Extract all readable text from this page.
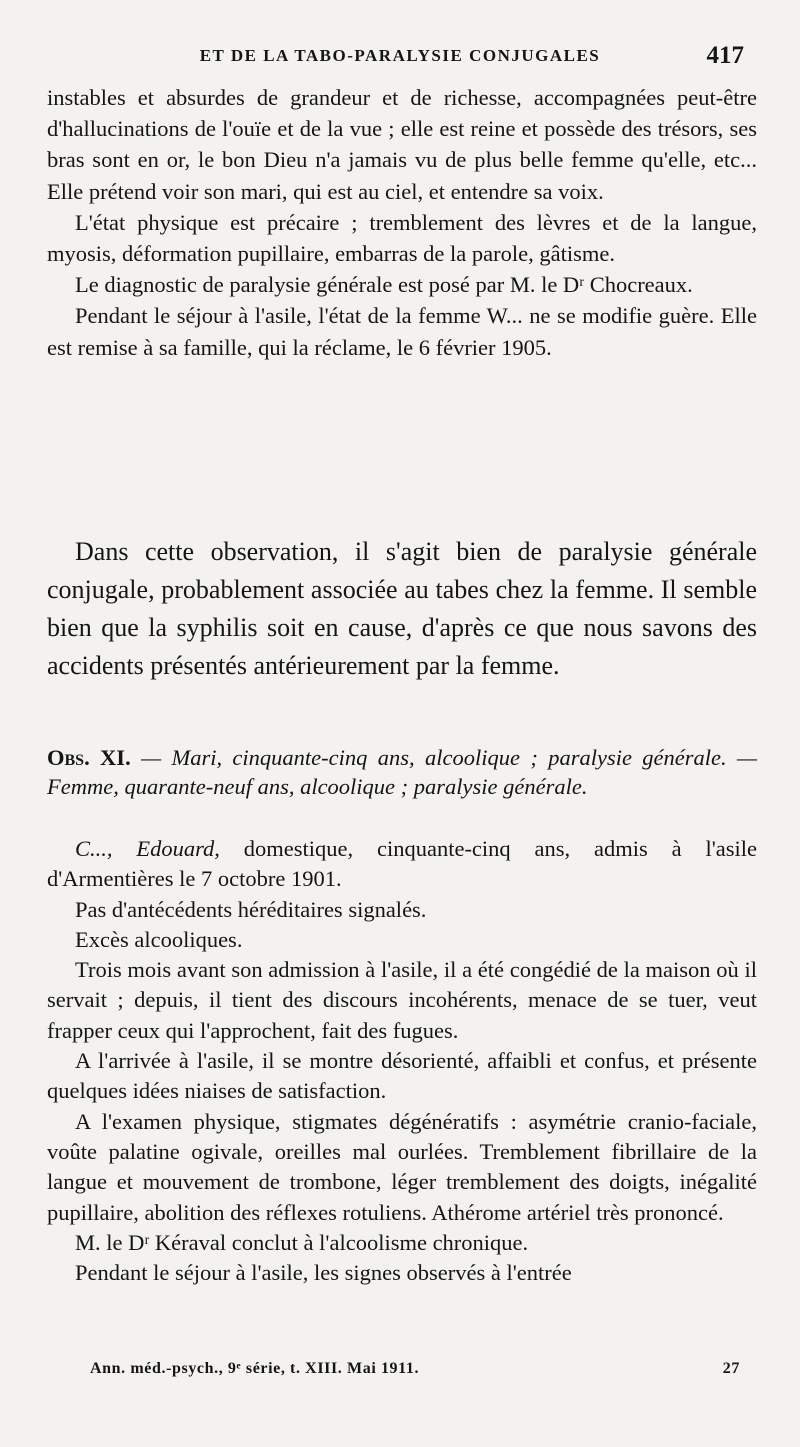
ET DE LA TABO-PARALYSIE CONJUGALES	417

instables et absurdes de grandeur et de richesse, accompagnées peut-être d'hallucinations de l'ouïe et de la vue ; elle est reine et possède des trésors, ses bras sont en or, le bon Dieu n'a jamais vu de plus belle femme qu'elle, etc... Elle prétend voir son mari, qui est au ciel, et entendre sa voix.

L'état physique est précaire ; tremblement des lèvres et de la langue, myosis, déformation pupillaire, embarras de la parole, gâtisme.

Le diagnostic de paralysie générale est posé par M. le Dʳ Chocreaux.

Pendant le séjour à l'asile, l'état de la femme W... ne se modifie guère. Elle est remise à sa famille, qui la réclame, le 6 février 1905.

Dans cette observation, il s'agit bien de paralysie générale conjugale, probablement associée au tabes chez la femme. Il semble bien que la syphilis soit en cause, d'après ce que nous savons des accidents présentés antérieurement par la femme.

Obs. XI. — Mari, cinquante-cinq ans, alcoolique ; paralysie générale. — Femme, quarante-neuf ans, alcoolique ; paralysie générale.

C..., Edouard, domestique, cinquante-cinq ans, admis à l'asile d'Armentières le 7 octobre 1901.

Pas d'antécédents héréditaires signalés.

Excès alcooliques.

Trois mois avant son admission à l'asile, il a été congédié de la maison où il servait ; depuis, il tient des discours incohérents, menace de se tuer, veut frapper ceux qui l'approchent, fait des fugues.

A l'arrivée à l'asile, il se montre désorienté, affaibli et confus, et présente quelques idées niaises de satisfaction.

A l'examen physique, stigmates dégénératifs : asymétrie cranio-faciale, voûte palatine ogivale, oreilles mal ourlées. Tremblement fibrillaire de la langue et mouvement de trombone, léger tremblement des doigts, inégalité pupillaire, abolition des réflexes rotuliens. Athérome artériel très prononcé.

M. le Dʳ Kéraval conclut à l'alcoolisme chronique.

Pendant le séjour à l'asile, les signes observés à l'entrée

Ann. méd.-psych., 9ᵉ série, t. XIII. Mai 1911.	27
